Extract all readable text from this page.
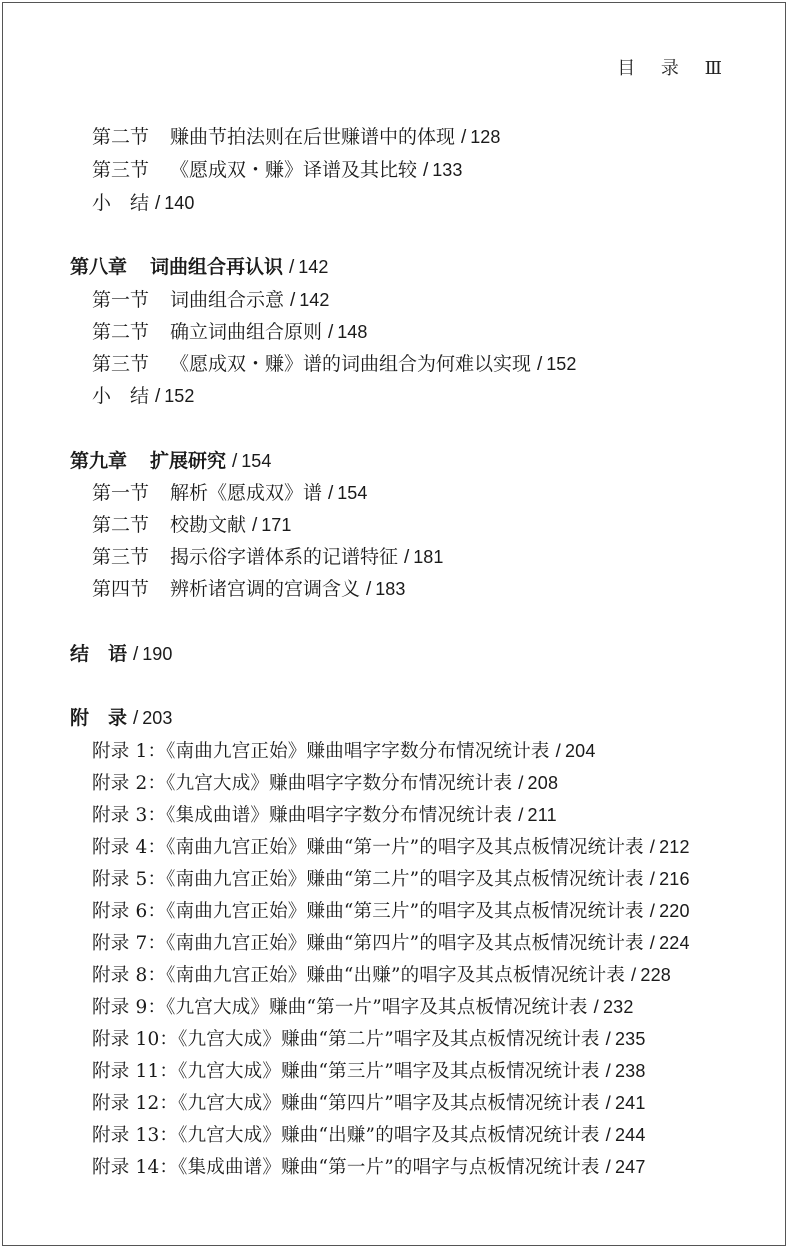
目 录 Ⅲ
第二节 赚曲节拍法则在后世赚谱中的体现 / 128
第三节 《愿成双・赚》译谱及其比较 / 133
小　结 / 140
第八章 词曲组合再认识 / 142
第一节 词曲组合示意 / 142
第二节 确立词曲组合原则 / 148
第三节 《愿成双・赚》谱的词曲组合为何难以实现 / 152
小　结 / 152
第九章 扩展研究 / 154
第一节 解析《愿成双》谱 / 154
第二节 校勘文献 / 171
第三节 揭示俗字谱体系的记谱特征 / 181
第四节 辨析诸宫调的宫调含义 / 183
结　语 / 190
附　录 / 203
附录 1：《南曲九宫正始》赚曲唱字字数分布情况统计表 / 204
附录 2：《九宫大成》赚曲唱字字数分布情况统计表 / 208
附录 3：《集成曲谱》赚曲唱字字数分布情况统计表 / 211
附录 4：《南曲九宫正始》赚曲“第一片”的唱字及其点板情况统计表 / 212
附录 5：《南曲九宫正始》赚曲“第二片”的唱字及其点板情况统计表 / 216
附录 6：《南曲九宫正始》赚曲“第三片”的唱字及其点板情况统计表 / 220
附录 7：《南曲九宫正始》赚曲“第四片”的唱字及其点板情况统计表 / 224
附录 8：《南曲九宫正始》赚曲“出赚”的唱字及其点板情况统计表 / 228
附录 9：《九宫大成》赚曲“第一片”唱字及其点板情况统计表 / 232
附录 10：《九宫大成》赚曲“第二片”唱字及其点板情况统计表 / 235
附录 11：《九宫大成》赚曲“第三片”唱字及其点板情况统计表 / 238
附录 12：《九宫大成》赚曲“第四片”唱字及其点板情况统计表 / 241
附录 13：《九宫大成》赚曲“出赚”的唱字及其点板情况统计表 / 244
附录 14：《集成曲谱》赚曲“第一片”的唱字与点板情况统计表 / 247
